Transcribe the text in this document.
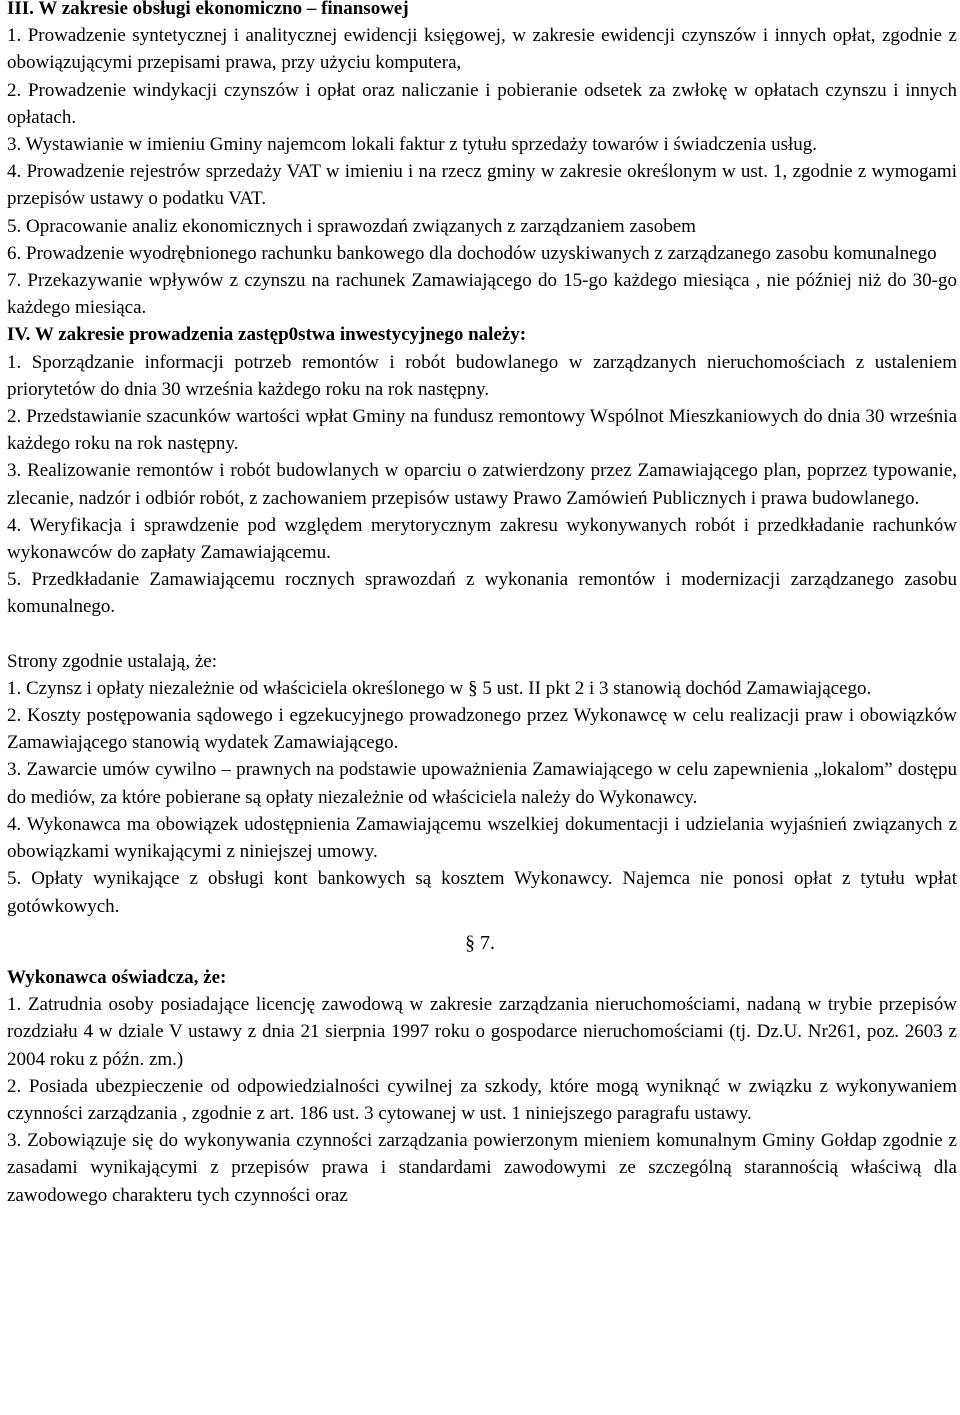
III. W zakresie obsługi ekonomiczno – finansowej

1. Prowadzenie syntetycznej i analitycznej ewidencji księgowej, w zakresie ewidencji czynszów i innych opłat, zgodnie z obowiązującymi przepisami prawa, przy użyciu komputera,

2. Prowadzenie windykacji czynszów i opłat oraz naliczanie i pobieranie odsetek za zwłokę w opłatach czynszu i innych opłatach.

3. Wystawianie w imieniu Gminy najemcom lokali faktur z tytułu sprzedaży towarów i świadczenia usług.

4. Prowadzenie rejestrów sprzedaży VAT w imieniu i na rzecz gminy w zakresie określonym w ust. 1, zgodnie z wymogami przepisów ustawy o podatku VAT.

5. Opracowanie analiz ekonomicznych i sprawozdań związanych z zarządzaniem zasobem

6. Prowadzenie wyodrębnionego rachunku bankowego dla dochodów uzyskiwanych z zarządzanego zasobu komunalnego

7. Przekazywanie wpływów z czynszu na rachunek Zamawiającego do 15-go każdego miesiąca , nie później niż do 30-go każdego miesiąca.

IV. W zakresie prowadzenia zastęp0stwa inwestycyjnego należy:

1. Sporządzanie informacji potrzeb remontów i robót budowlanego w zarządzanych nieruchomościach z ustaleniem priorytetów do dnia 30 września każdego roku na rok następny.

2. Przedstawianie szacunków wartości wpłat Gminy na fundusz remontowy Wspólnot Mieszkaniowych do dnia 30 września każdego roku na rok następny.

3. Realizowanie remontów i robót budowlanych w oparciu o zatwierdzony przez Zamawiającego plan, poprzez typowanie, zlecanie, nadzór i odbiór robót, z zachowaniem przepisów ustawy Prawo Zamówień Publicznych i prawa budowlanego.

4. Weryfikacja i sprawdzenie pod względem merytorycznym zakresu wykonywanych robót i przedkładanie rachunków wykonawców do zapłaty Zamawiającemu.

5. Przedkładanie Zamawiającemu rocznych sprawozdań z wykonania remontów i modernizacji zarządzanego zasobu komunalnego.

Strony zgodnie ustalają, że:

1. Czynsz i opłaty niezależnie od właściciela określonego w § 5 ust. II pkt 2 i 3 stanowią dochód Zamawiającego.

2. Koszty postępowania sądowego i egzekucyjnego prowadzonego przez Wykonawcę w celu realizacji praw i obowiązków Zamawiającego stanowią wydatek Zamawiającego.

3. Zawarcie umów cywilno – prawnych na podstawie upoważnienia Zamawiającego w celu zapewnienia „lokalom” dostępu do mediów, za które pobierane są opłaty niezależnie od właściciela należy do Wykonawcy.

4. Wykonawca ma obowiązek udostępnienia Zamawiającemu wszelkiej dokumentacji i udzielania wyjaśnień związanych z obowiązkami wynikającymi z niniejszej umowy.

5. Opłaty wynikające z obsługi kont bankowych są kosztem Wykonawcy. Najemca nie ponosi opłat z tytułu wpłat gotówkowych.

§ 7.

Wykonawca oświadcza, że:

1. Zatrudnia osoby posiadające licencję zawodową w zakresie zarządzania nieruchomościami, nadaną w trybie przepisów rozdziału 4 w dziale V ustawy z dnia 21 sierpnia 1997 roku o gospodarce nieruchomościami (tj. Dz.U. Nr261, poz. 2603 z 2004 roku z późn. zm.)

2. Posiada ubezpieczenie od odpowiedzialności cywilnej za szkody, które mogą wyniknąć w związku z wykonywaniem czynności zarządzania , zgodnie z art. 186 ust. 3 cytowanej w ust. 1 niniejszego paragrafu ustawy.

3. Zobowiązuje się do wykonywania czynności zarządzania powierzonym mieniem komunalnym Gminy Gołdap zgodnie z zasadami wynikającymi z przepisów prawa i standardami zawodowymi ze szczególną starannością właściwą dla zawodowego charakteru tych czynności oraz
